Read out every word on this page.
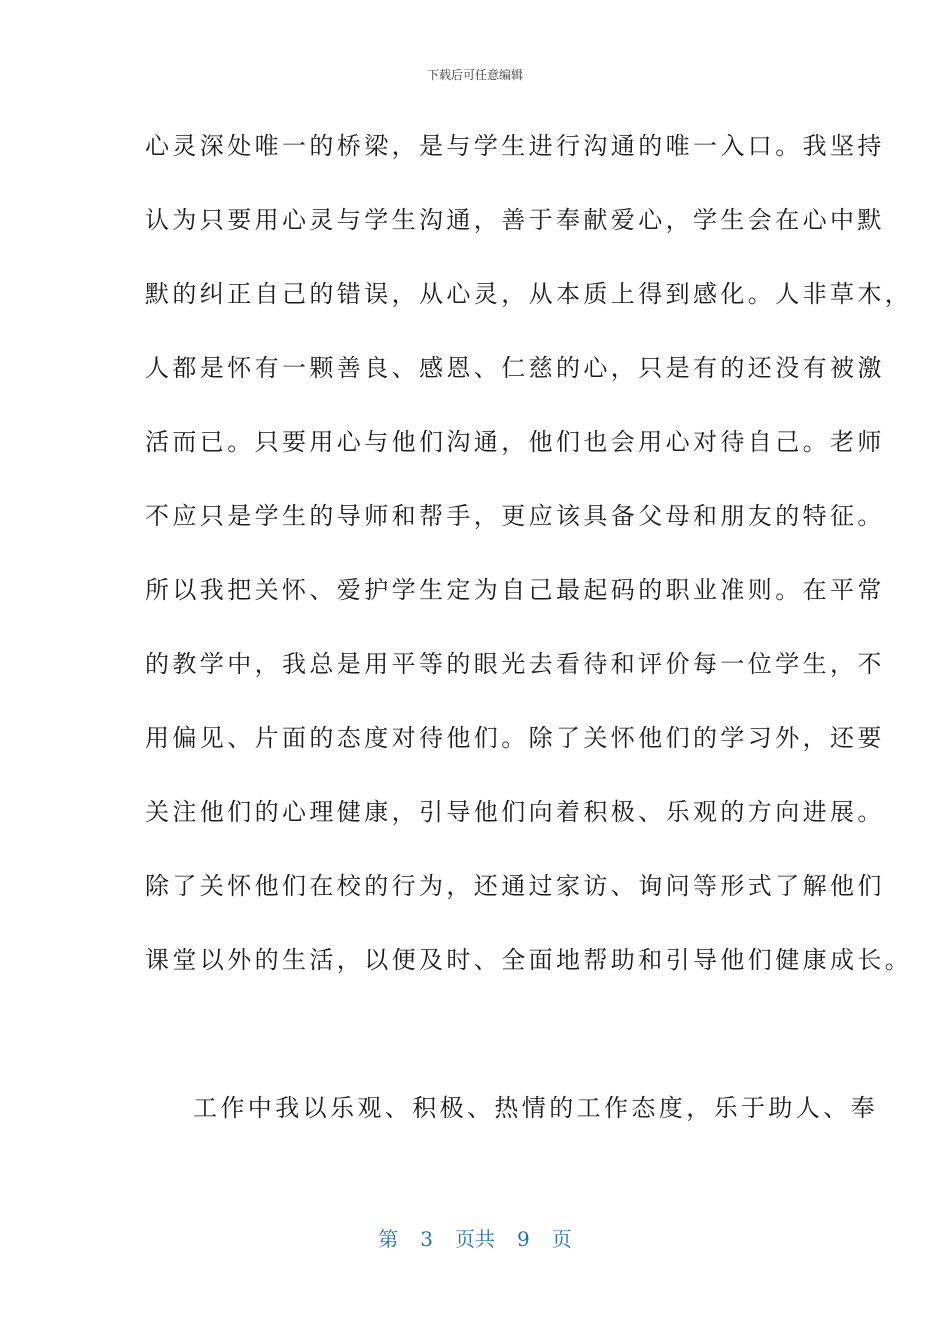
下载后可任意编辑
心灵深处唯一的桥梁，是与学生进行沟通的唯一入口。我坚持
认为只要用心灵与学生沟通，善于奉献爱心，学生会在心中默
默的纠正自己的错误，从心灵，从本质上得到感化。人非草木，
人都是怀有一颗善良、感恩、仁慈的心，只是有的还没有被激
活而已。只要用心与他们沟通，他们也会用心对待自己。老师
不应只是学生的导师和帮手，更应该具备父母和朋友的特征。
所以我把关怀、爱护学生定为自己最起码的职业准则。在平常
的教学中，我总是用平等的眼光去看待和评价每一位学生，不
用偏见、片面的态度对待他们。除了关怀他们的学习外，还要
关注他们的心理健康，引导他们向着积极、乐观的方向进展。
除了关怀他们在校的行为，还通过家访、询问等形式了解他们
课堂以外的生活，以便及时、全面地帮助和引导他们健康成长。
工作中我以乐观、积极、热情的工作态度，乐于助人、奉
第 3 页共 9 页
